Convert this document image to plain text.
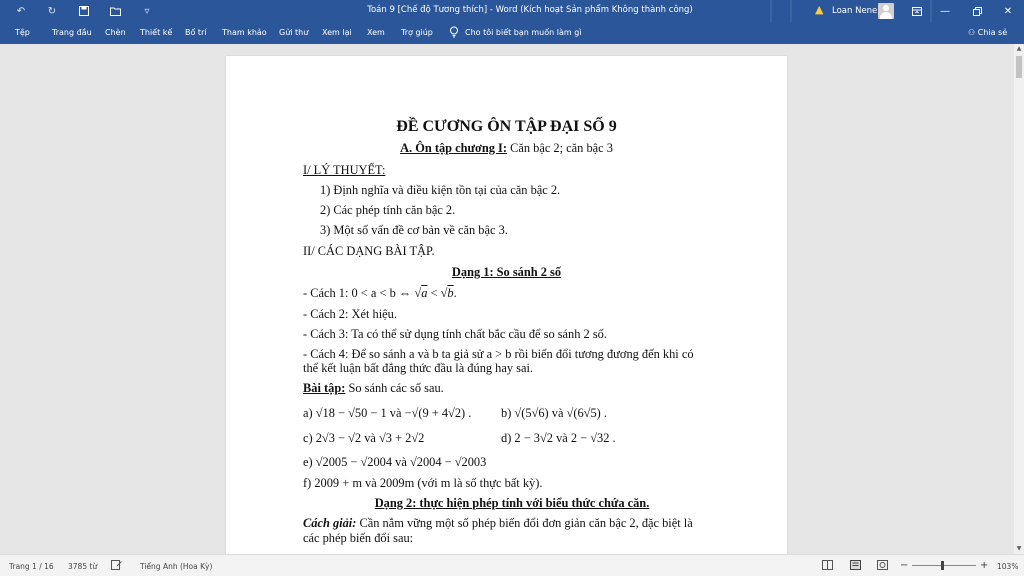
↶ ↻	▿	Toán 9 [Chế độ Tương thích] - Word (Kích hoạt Sản phẩm Không thành công)	▲ Loan Nene	—	✕
Tệp	Trang đầu Chèn Thiết kế Bố trí Tham khảo Gửi thư Xem lại Xem Trợ giúp	Cho tôi biết bạn muốn làm gì	⚇ Chia sẻ
ĐỀ CƯƠNG ÔN TẬP ĐẠI SỐ 9
A. Ôn tập chương I: Căn bậc 2; căn bậc 3
I/ LÝ THUYẾT:
1) Định nghĩa và điều kiện tồn tại của căn bậc 2.
2) Các phép tính căn bậc 2.
3) Một số vấn đề cơ bản về căn bậc 3.
II/ CÁC DẠNG BÀI TẬP.
Dạng 1: So sánh 2 số
- Cách 1: 0 < a < b ⇔ √a < √b.
- Cách 2: Xét hiệu.
- Cách 3: Ta có thể sử dụng tính chất bắc cầu để so sánh 2 số.
- Cách 4: Để so sánh a và b ta giả sử a > b rồi biến đổi tương đương đến khi có
thể kết luận bất đẳng thức đầu là đúng hay sai.
Bài tập: So sánh các số sau.
a) √18 − √50 − 1 và −√(9 + 4√2) . b) √(5√6) và √(6√5) .
c) 2√3 − √2 và √3 + 2√2	d) 2 − 3√2 và 2 − √32 .
e) √2005 − √2004 và √2004 − √2003
f) 2009 + m và 2009m (với m là số thực bất kỳ).
Dạng 2: thực hiện phép tính với biểu thức chứa căn.
Cách giải: Cần nắm vững một số phép biến đổi đơn giản căn bậc 2, đặc biệt là
các phép biến đổi sau:
▲
▼
Trang 1 / 16 3785 từ	Tiếng Anh (Hoa Kỳ)	−	+ 103%
